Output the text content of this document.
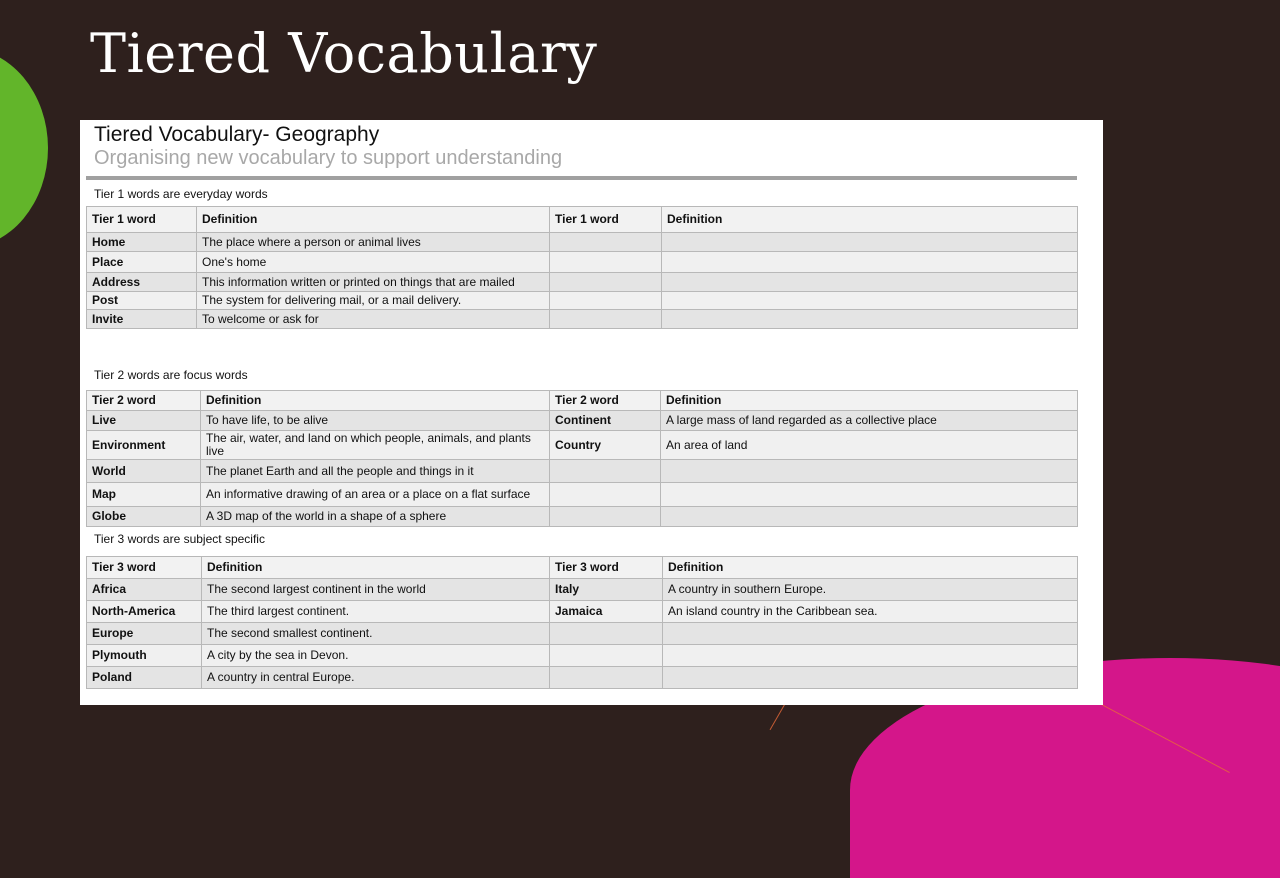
Tiered Vocabulary
Tiered Vocabulary- Geography
Organising new vocabulary to support understanding
Tier 1 words are everyday words
Tier 1 word	Definition	Tier 1 word	Definition
Home	The place where a person or animal lives		
Place	One's home		
Address	This information written or printed on things that are mailed		
Post	The system for delivering mail, or a mail delivery.		
Invite	To welcome or ask for		
Tier 2 words are focus words
Tier 2 word	Definition	Tier 2 word	Definition
Live	To have life, to be alive	Continent	A large mass of land regarded as a collective place
Environment	The air, water, and land on which people, animals, and plants live	Country	An area of land
World	The planet Earth and all the people and things in it		
Map	An informative drawing of an area or a place on a flat surface		
Globe	A 3D map of the world in a shape of a sphere		
Tier 3 words are subject specific
Tier 3 word	Definition	Tier 3 word	Definition
Africa	The second largest continent in the world	Italy	A country in southern Europe.
North-America	The third largest continent.	Jamaica	An island country in the Caribbean sea.
Europe	The second smallest continent.		
Plymouth	A city by the sea in Devon.		
Poland	A country in central Europe.		
